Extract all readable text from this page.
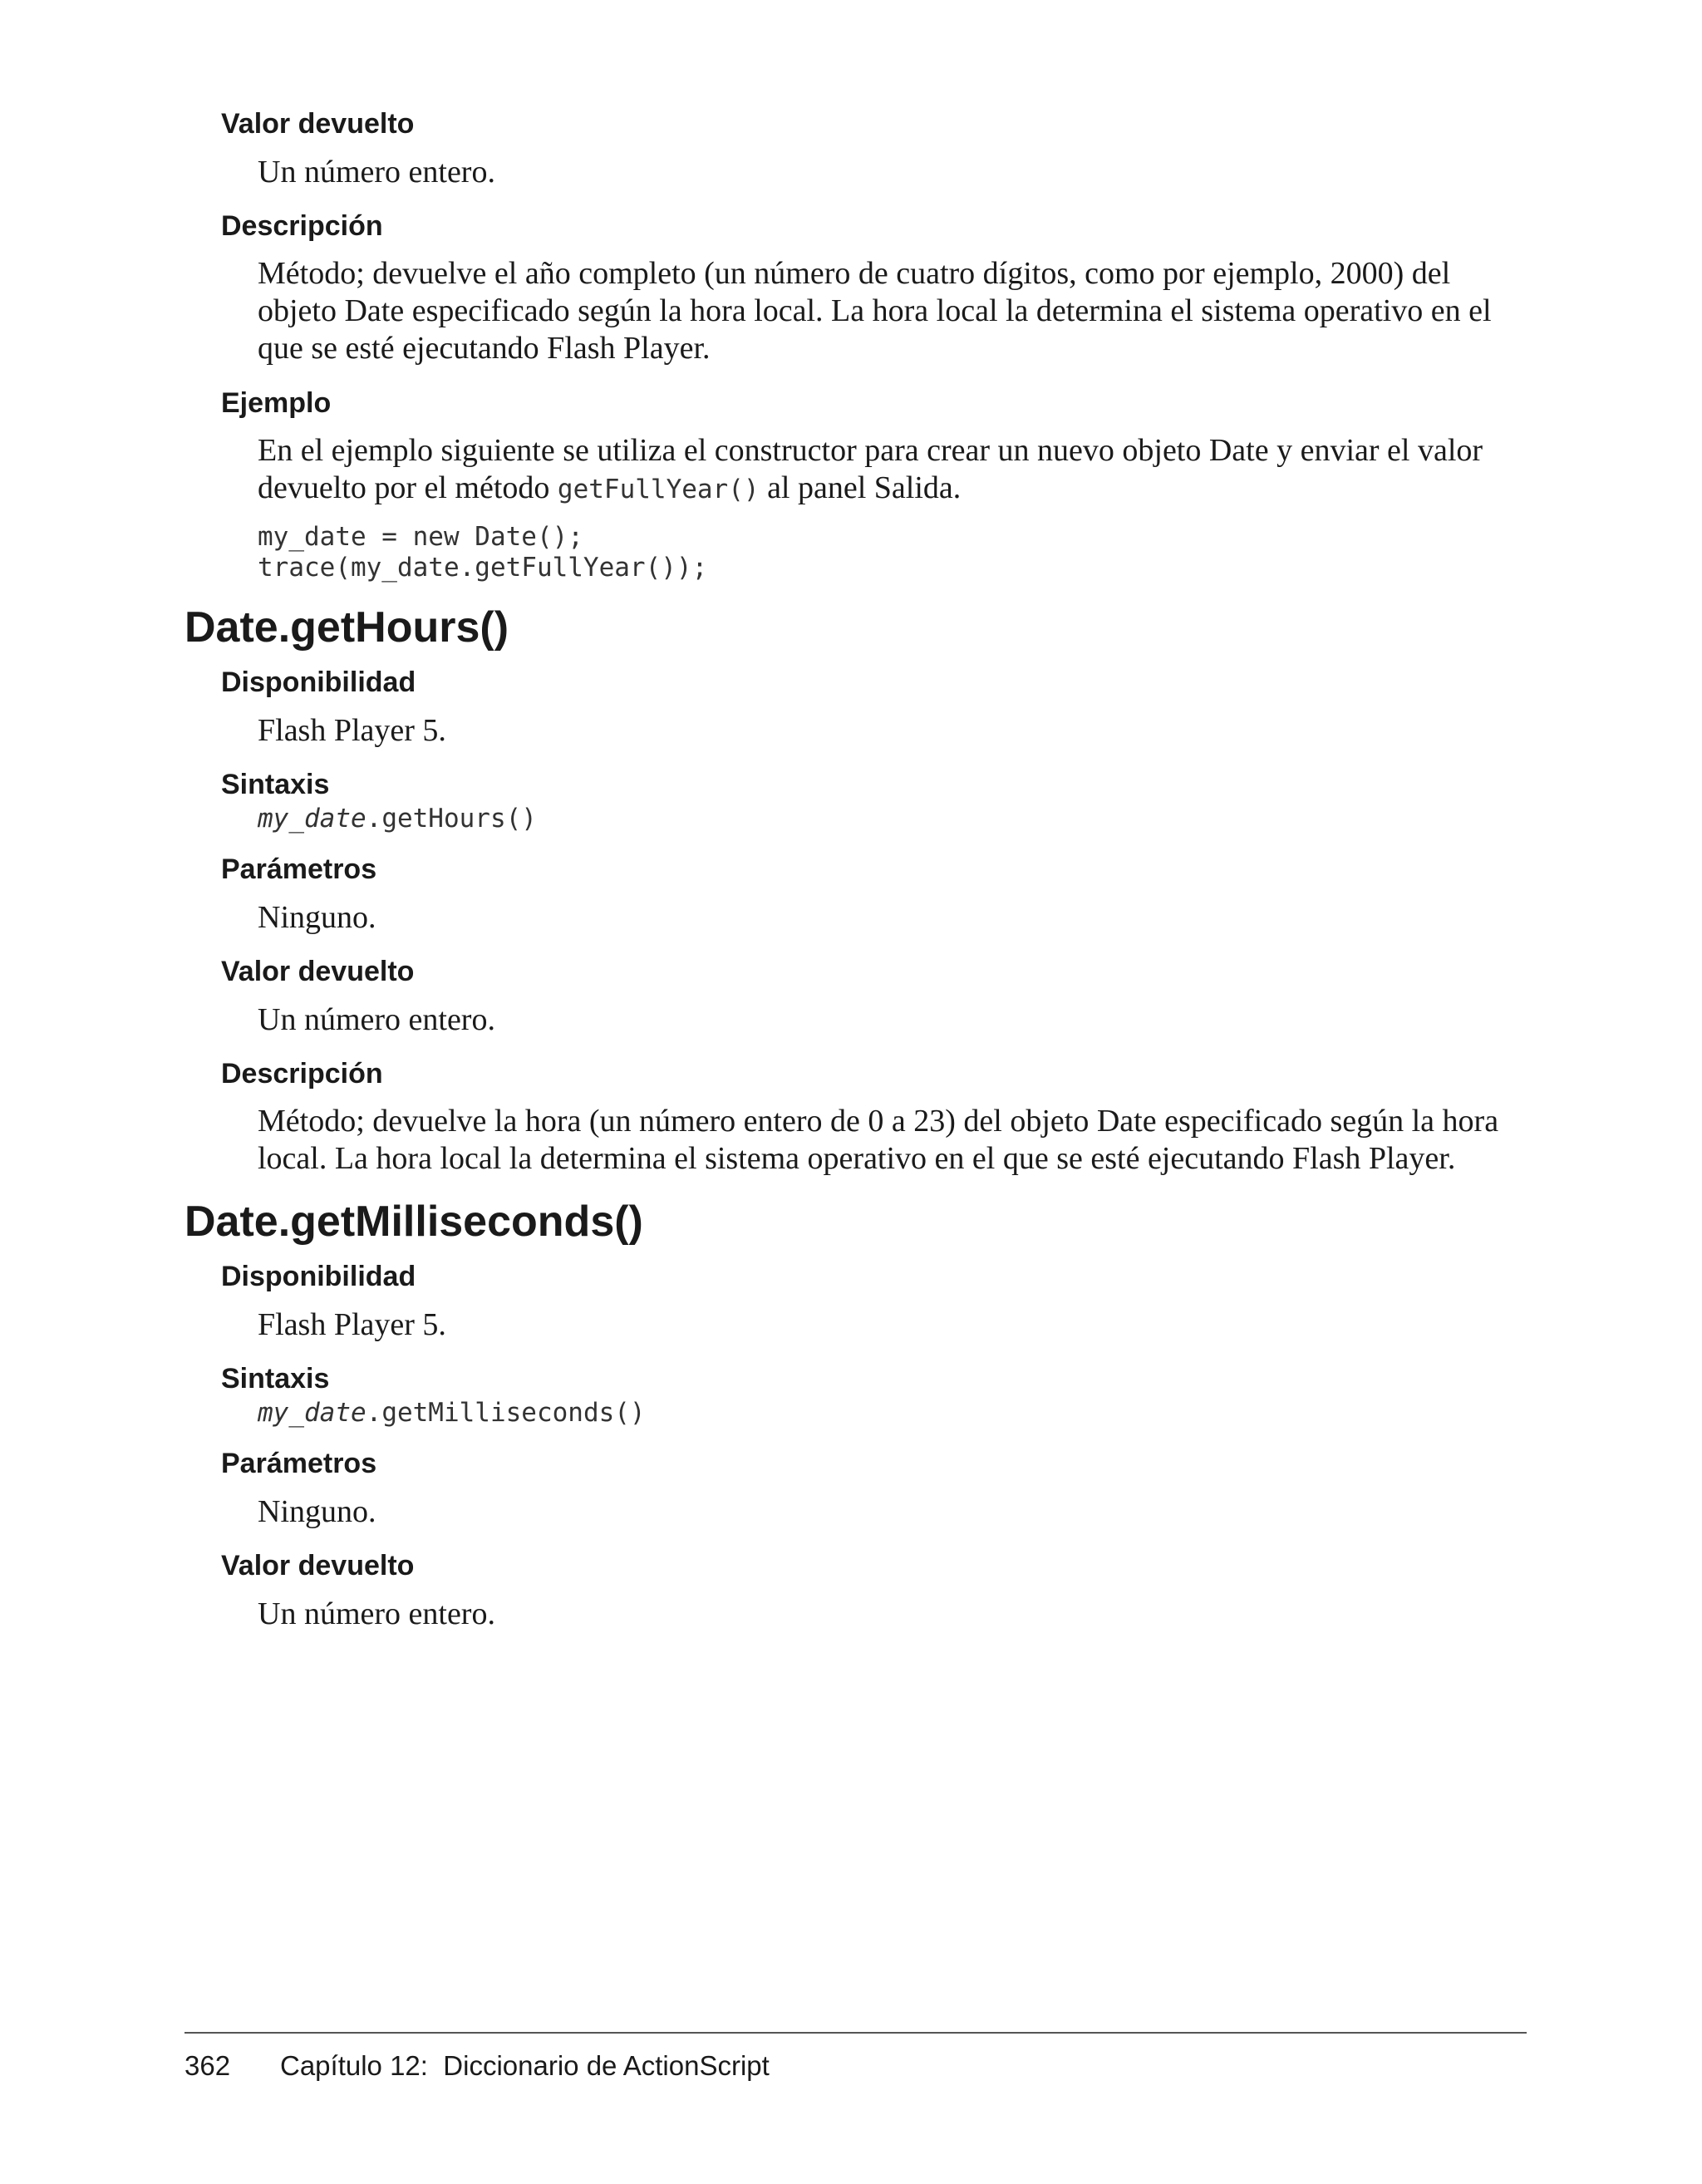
Valor devuelto
Un número entero.
Descripción
Método; devuelve el año completo (un número de cuatro dígitos, como por ejemplo, 2000) del objeto Date especificado según la hora local. La hora local la determina el sistema operativo en el que se esté ejecutando Flash Player.
Ejemplo
En el ejemplo siguiente se utiliza el constructor para crear un nuevo objeto Date y enviar el valor devuelto por el método getFullYear() al panel Salida.
my_date = new Date();
trace(my_date.getFullYear());
Date.getHours()
Disponibilidad
Flash Player 5.
Sintaxis
my_date.getHours()
Parámetros
Ninguno.
Valor devuelto
Un número entero.
Descripción
Método; devuelve la hora (un número entero de 0 a 23) del objeto Date especificado según la hora local. La hora local la determina el sistema operativo en el que se esté ejecutando Flash Player.
Date.getMilliseconds()
Disponibilidad
Flash Player 5.
Sintaxis
my_date.getMilliseconds()
Parámetros
Ninguno.
Valor devuelto
Un número entero.
362 Capítulo 12:  Diccionario de ActionScript
